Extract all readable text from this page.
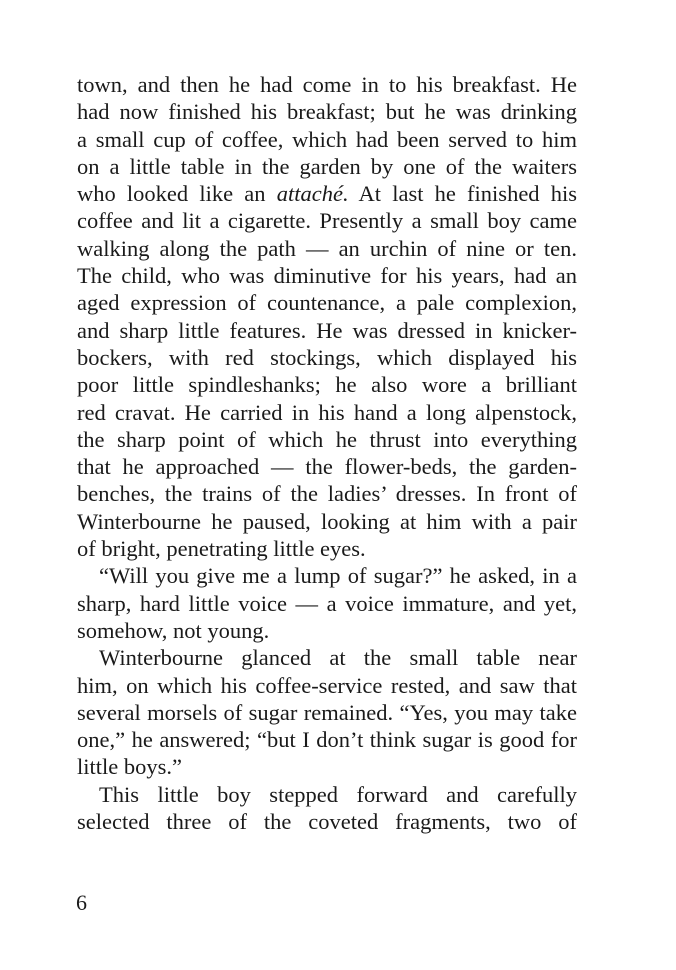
town, and then he had come in to his breakfast. He
had now finished his breakfast; but he was drinking
a small cup of coffee, which had been served to him
on a little table in the garden by one of the waiters
who looked like an attaché. At last he finished his
coffee and lit a cigarette. Presently a small boy came
walking along the path — an urchin of nine or ten.
The child, who was diminutive for his years, had an
aged expression of countenance, a pale complexion,
and sharp little features. He was dressed in knicker-
bockers, with red stockings, which displayed his
poor little spindleshanks; he also wore a brilliant
red cravat. He carried in his hand a long alpenstock,
the sharp point of which he thrust into everything
that he approached — the flower-beds, the garden-
benches, the trains of the ladies’ dresses. In front of
Winterbourne he paused, looking at him with a pair
of bright, penetrating little eyes.
“Will you give me a lump of sugar?” he asked, in a
sharp, hard little voice — a voice immature, and yet,
somehow, not young.
Winterbourne glanced at the small table near
him, on which his coffee-service rested, and saw that
several morsels of sugar remained. “Yes, you may take
one,” he answered; “but I don’t think sugar is good for
little boys.”
This little boy stepped forward and carefully
selected three of the coveted fragments, two of
6
